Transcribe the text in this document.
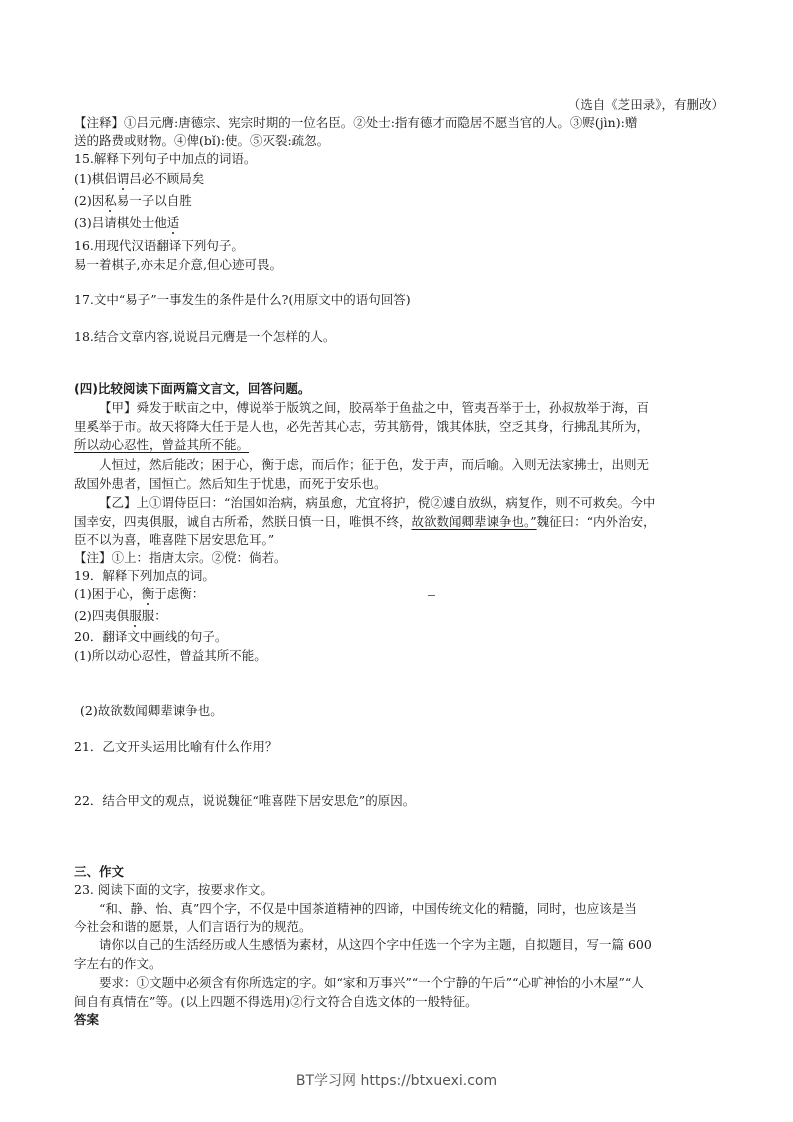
（选自《芝田录》，有删改）
【注释】①吕元膺:唐德宗、宪宗时期的一位名臣。②处士:指有德才而隐居不愿当官的人。③赆(jìn):赠
送的路费或财物。④俾(bǐ):使。⑤灭裂:疏忽。
15.解释下列句子中加点的词语。
(1)棋侣谓吕必不顾局矣
(2)因私易一子以自胜
(3)吕请棋处士他适
16.用现代汉语翻译下列句子。
易一着棋子,亦未足介意,但心迹可畏。
17.文中“易子”一事发生的条件是什么?(用原文中的语句回答)
18.结合文章内容,说说吕元膺是一个怎样的人。
(四)比较阅读下面两篇文言文，回答问题。
【甲】舜发于畎亩之中，傅说举于版筑之间，胶鬲举于鱼盐之中，管夷吾举于士，孙叔敖举于海，百
里奚举于市。故天将降大任于是人也，必先苦其心志，劳其筋骨，饿其体肤，空乏其身，行拂乱其所为，
所以动心忍性，曾益其所不能。
人恒过，然后能改；困于心，衡于虑，而后作；征于色，发于声，而后喻。入则无法家拂士，出则无
敌国外患者，国恒亡。然后知生于忧患，而死于安乐也。
【乙】上①谓侍臣曰：“治国如治病，病虽愈，尤宜将护，傥②遽自放纵，病复作，则不可救矣。今中
国幸安，四夷俱服，诚自古所希，然朕日慎一日，唯惧不终，故欲数闻卿辈谏争也。”魏征曰：“内外治安，
臣不以为喜，唯喜陛下居安思危耳。”
【注】①上：指唐太宗。②傥：倘若。
19．解释下列加点的词。
(1)困于心，衡于虑衡：
(2)四夷俱服服：
20．翻译文中画线的句子。
(1)所以动心忍性，曾益其所不能。
(2)故欲数闻卿辈谏争也。
21．乙文开头运用比喻有什么作用？
22．结合甲文的观点，说说魏征“唯喜陛下居安思危”的原因。
三、作文
23. 阅读下面的文字，按要求作文。
“和、静、怡、真”四个字，不仅是中国茶道精神的四谛，中国传统文化的精髓，同时，也应该是当
今社会和谐的愿景，人们言语行为的规范。
请你以自己的生活经历或人生感悟为素材，从这四个字中任选一个字为主题，自拟题目，写一篇 600
字左右的作文。
要求：①文题中必须含有你所选定的字。如“家和万事兴”“一个宁静的午后”“心旷神怡的小木屋”“人
间自有真情在”等。(以上四题不得选用)②行文符合自选文体的一般特征。
答案
BT学习网 https://btxuexi.com
